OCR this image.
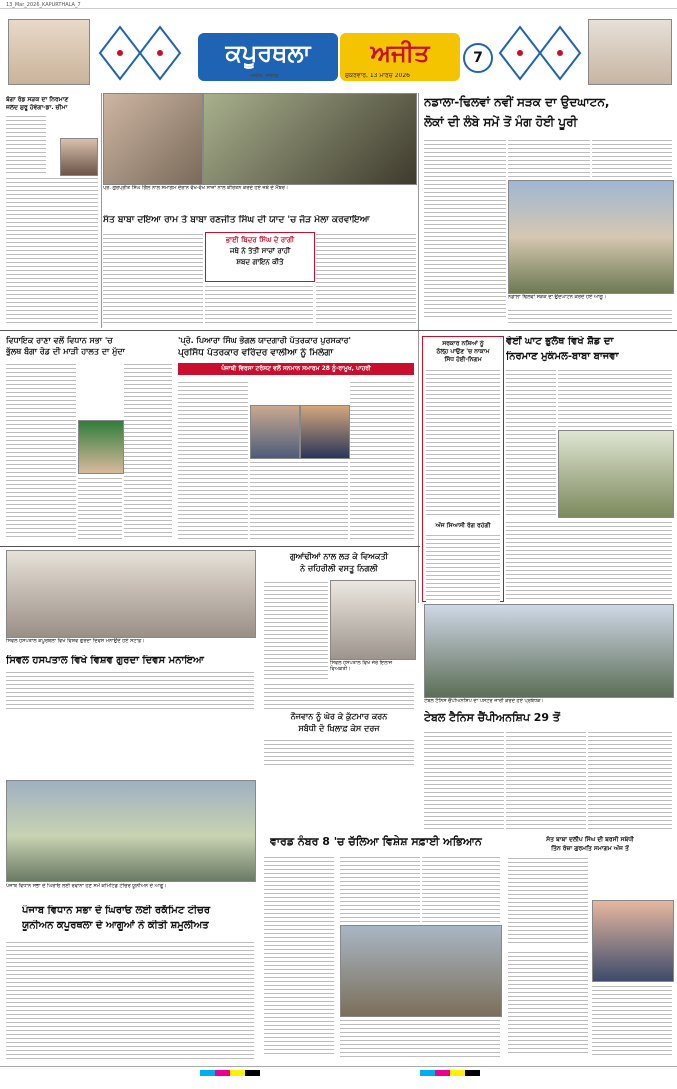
13_Mar_2026_KAPURTHALA_7
ਕਪੂਰਥਲਾ	ਅਜੀਤ	7
ਅਜੀਤ, ਜਲੰਧਰ	ਸ਼ੁੱਕਰਵਾਰ, 13 ਮਾਰਚ 2026
ਬੰਗਾ ਰੋਡ ਸੜਕ ਦਾ ਨਿਰਮਾਣ
ਜਲਦ ਸ਼ੁਰੂ ਹੋਵੇਗਾ-ਡਾ. ਚੀਮਾ
ਪ੍ਰ. ਗੁਰਪ੍ਰੀਤ ਸਿੰਘ ਗਿੱਲ ਨਾਲ ਸਮਾਗਮ ਦੌਰਾਨ ਵੱਖ-ਵੱਖ ਸਾਜ਼ਾਂ ਨਾਲ ਕੀਰਤਨ ਕਰਦੇ ਹੋਏ ਜਥੇ ਦੇ ਮੈਂਬਰ।
ਸੰਤ ਬਾਬਾ ਦਇਆ ਰਾਮ ਤੇ ਬਾਬਾ ਰਣਜੀਤ ਸਿੰਘ ਦੀ ਯਾਦ 'ਚ ਜੋੜ ਮੇਲਾ ਕਰਵਾਇਆ
ਭਾਈ ਬਿਦਰ ਸਿੰਘ ਦੇ ਰਾਗੀ
ਜਥੇ ਨੇ ਤੰਤੀ ਸਾਜ਼ਾਂ ਰਾਹੀਂ
ਸ਼ਬਦ ਗਾਇਨ ਕੀਤੇ
ਨਡਾਲਾ-ਢਿਲਵਾਂ ਨਵੀਂ ਸੜਕ ਦਾ ਉਦਘਾਟਨ,
ਲੋਕਾਂ ਦੀ ਲੰਬੇ ਸਮੇਂ ਤੋਂ ਮੰਗ ਹੋਈ ਪੂਰੀ
ਨਡਾਲਾ ਢਿਲਵਾਂ ਸੜਕ ਦਾ ਉਦਘਾਟਨ ਕਰਦੇ ਹੋਏ ਆਗੂ।
ਵਿਧਾਇਕ ਰਾਣਾ ਵਲੋਂ ਵਿਧਾਨ ਸਭਾ 'ਚ
ਭੁੱਲਥ ਬੰਗਾ ਰੋਡ ਦੀ ਮਾੜੀ ਹਾਲਤ ਦਾ ਮੁੱਦਾ
'ਪ੍ਰੋ. ਪਿਆਰਾ ਸਿੰਘ ਭੋਗਲ ਯਾਦਗਾਰੀ ਪੱਤਰਕਾਰ ਪੁਰਸਕਾਰ'
ਪ੍ਰਸਿੱਧ ਪੱਤਰਕਾਰ ਵਰਿੰਦਰ ਵਾਲੀਆ ਨੂੰ ਮਿਲੇਗਾ
ਪੰਜਾਬੀ ਵਿਰਸਾ ਟਰੱਸਟ ਵਲੋਂ ਸਨਮਾਨ ਸਮਾਰਮ 28 ਨੂੰ-ਰਾਮੂਖ, ਪਾਹਰੀ
ਸਰਕਾਰ ਨਸ਼ਿਆਂ ਨੂੰ
ਠੱਲ੍ਹ ਪਾਉਣ 'ਚ ਨਾਕਾਮ
ਸਿੱਧ ਹੋਈ-ਨਿਗਮ
ਅੱਜ ਸਿਆਸੀ ਰੰਗ ਰਹੇਗੀ
ਵੇਈਂ ਘਾਟ ਭੁਲੱਥ ਵਿਖੇ ਸ਼ੈੱਡ ਦਾ
ਨਿਰਮਾਣ ਮੁਕੰਮਲ-ਬਾਬਾ ਬਾਜਵਾ
ਸਿਵਲ ਹਸਪਤਾਲ ਕਪੂਰਥਲਾ ਵਿਖੇ ਵਿਸ਼ਵ ਗੁਰਦਾ ਦਿਵਸ ਮਨਾਉਂਦੇ ਹੋਏ ਸਟਾਫ਼।
ਸਿਵਲ ਹਸਪਤਾਲ ਵਿਖੇ ਵਿਸ਼ਵ ਗੁਰਦਾ ਦਿਵਸ ਮਨਾਇਆ
ਗੁਆਂਢੀਆਂ ਨਾਲ ਲੜ ਕੇ ਵਿਅਕਤੀ
ਨੇ ਜ਼ਹਿਰੀਲੀ ਵਸਤੂ ਨਿਗਲੀ
ਸਿਵਲ ਹਸਪਤਾਲ ਵਿਖੇ ਜੇਰੇ ਇਲਾਜ ਵਿਅਕਤੀ।
ਨੌਜਵਾਨ ਨੂੰ ਘੇਰ ਕੇ ਕੁੱਟਮਾਰ ਕਰਨ
ਸਬੰਧੀ ਦੋ ਖ਼ਿਲਾਫ਼ ਕੇਸ ਦਰਜ
ਟੇਬਲ ਟੈਨਿਸ ਚੈਂਪੀਅਨਸ਼ਿਪ ਦਾ ਪੋਸਟਰ ਜਾਰੀ ਕਰਦੇ ਹੋਏ ਪ੍ਰਬੰਧਕ।
ਟੇਬਲ ਟੈਨਿਸ ਚੈਂਪੀਅਨਸ਼ਿਪ 29 ਤੋਂ
ਪੰਜਾਬ ਵਿਧਾਨ ਸਭਾ ਦੇ ਘਿਰਾਓ ਲਈ ਰਵਾਨਾ ਹੋਣ ਸਮੇਂ ਕਮਿਟਿਡ ਟੀਚਰ ਯੂਨੀਅਨ ਦੇ ਆਗੂ।
ਪੰਜਾਬ ਵਿਧਾਨ ਸਭਾ ਦੇ ਘਿਰਾਓ ਲਈ ਰਕੱਮਿਟ ਟੀਚਰ
ਯੂਨੀਅਨ ਕਪੂਰਥਲਾ ਦੇ ਆਗੂਆਂ ਨੇ ਕੀਤੀ ਸ਼ਮੂਲੀਅਤ
ਵਾਰਡ ਨੰਬਰ 8 'ਚ ਚੱਲਿਆ ਵਿਸ਼ੇਸ਼ ਸਫ਼ਾਈ ਅਭਿਆਨ	ਸੰਤ ਬਾਬਾ ਦਲੀਪ ਸਿੰਘ ਦੀ ਬਰਸੀ ਸਬੰਧੀ
ਤਿੰਨ ਰੋਜ਼ਾ ਗੁਰਮਤਿ ਸਮਾਗਮ ਅੱਜ ਤੋਂ
